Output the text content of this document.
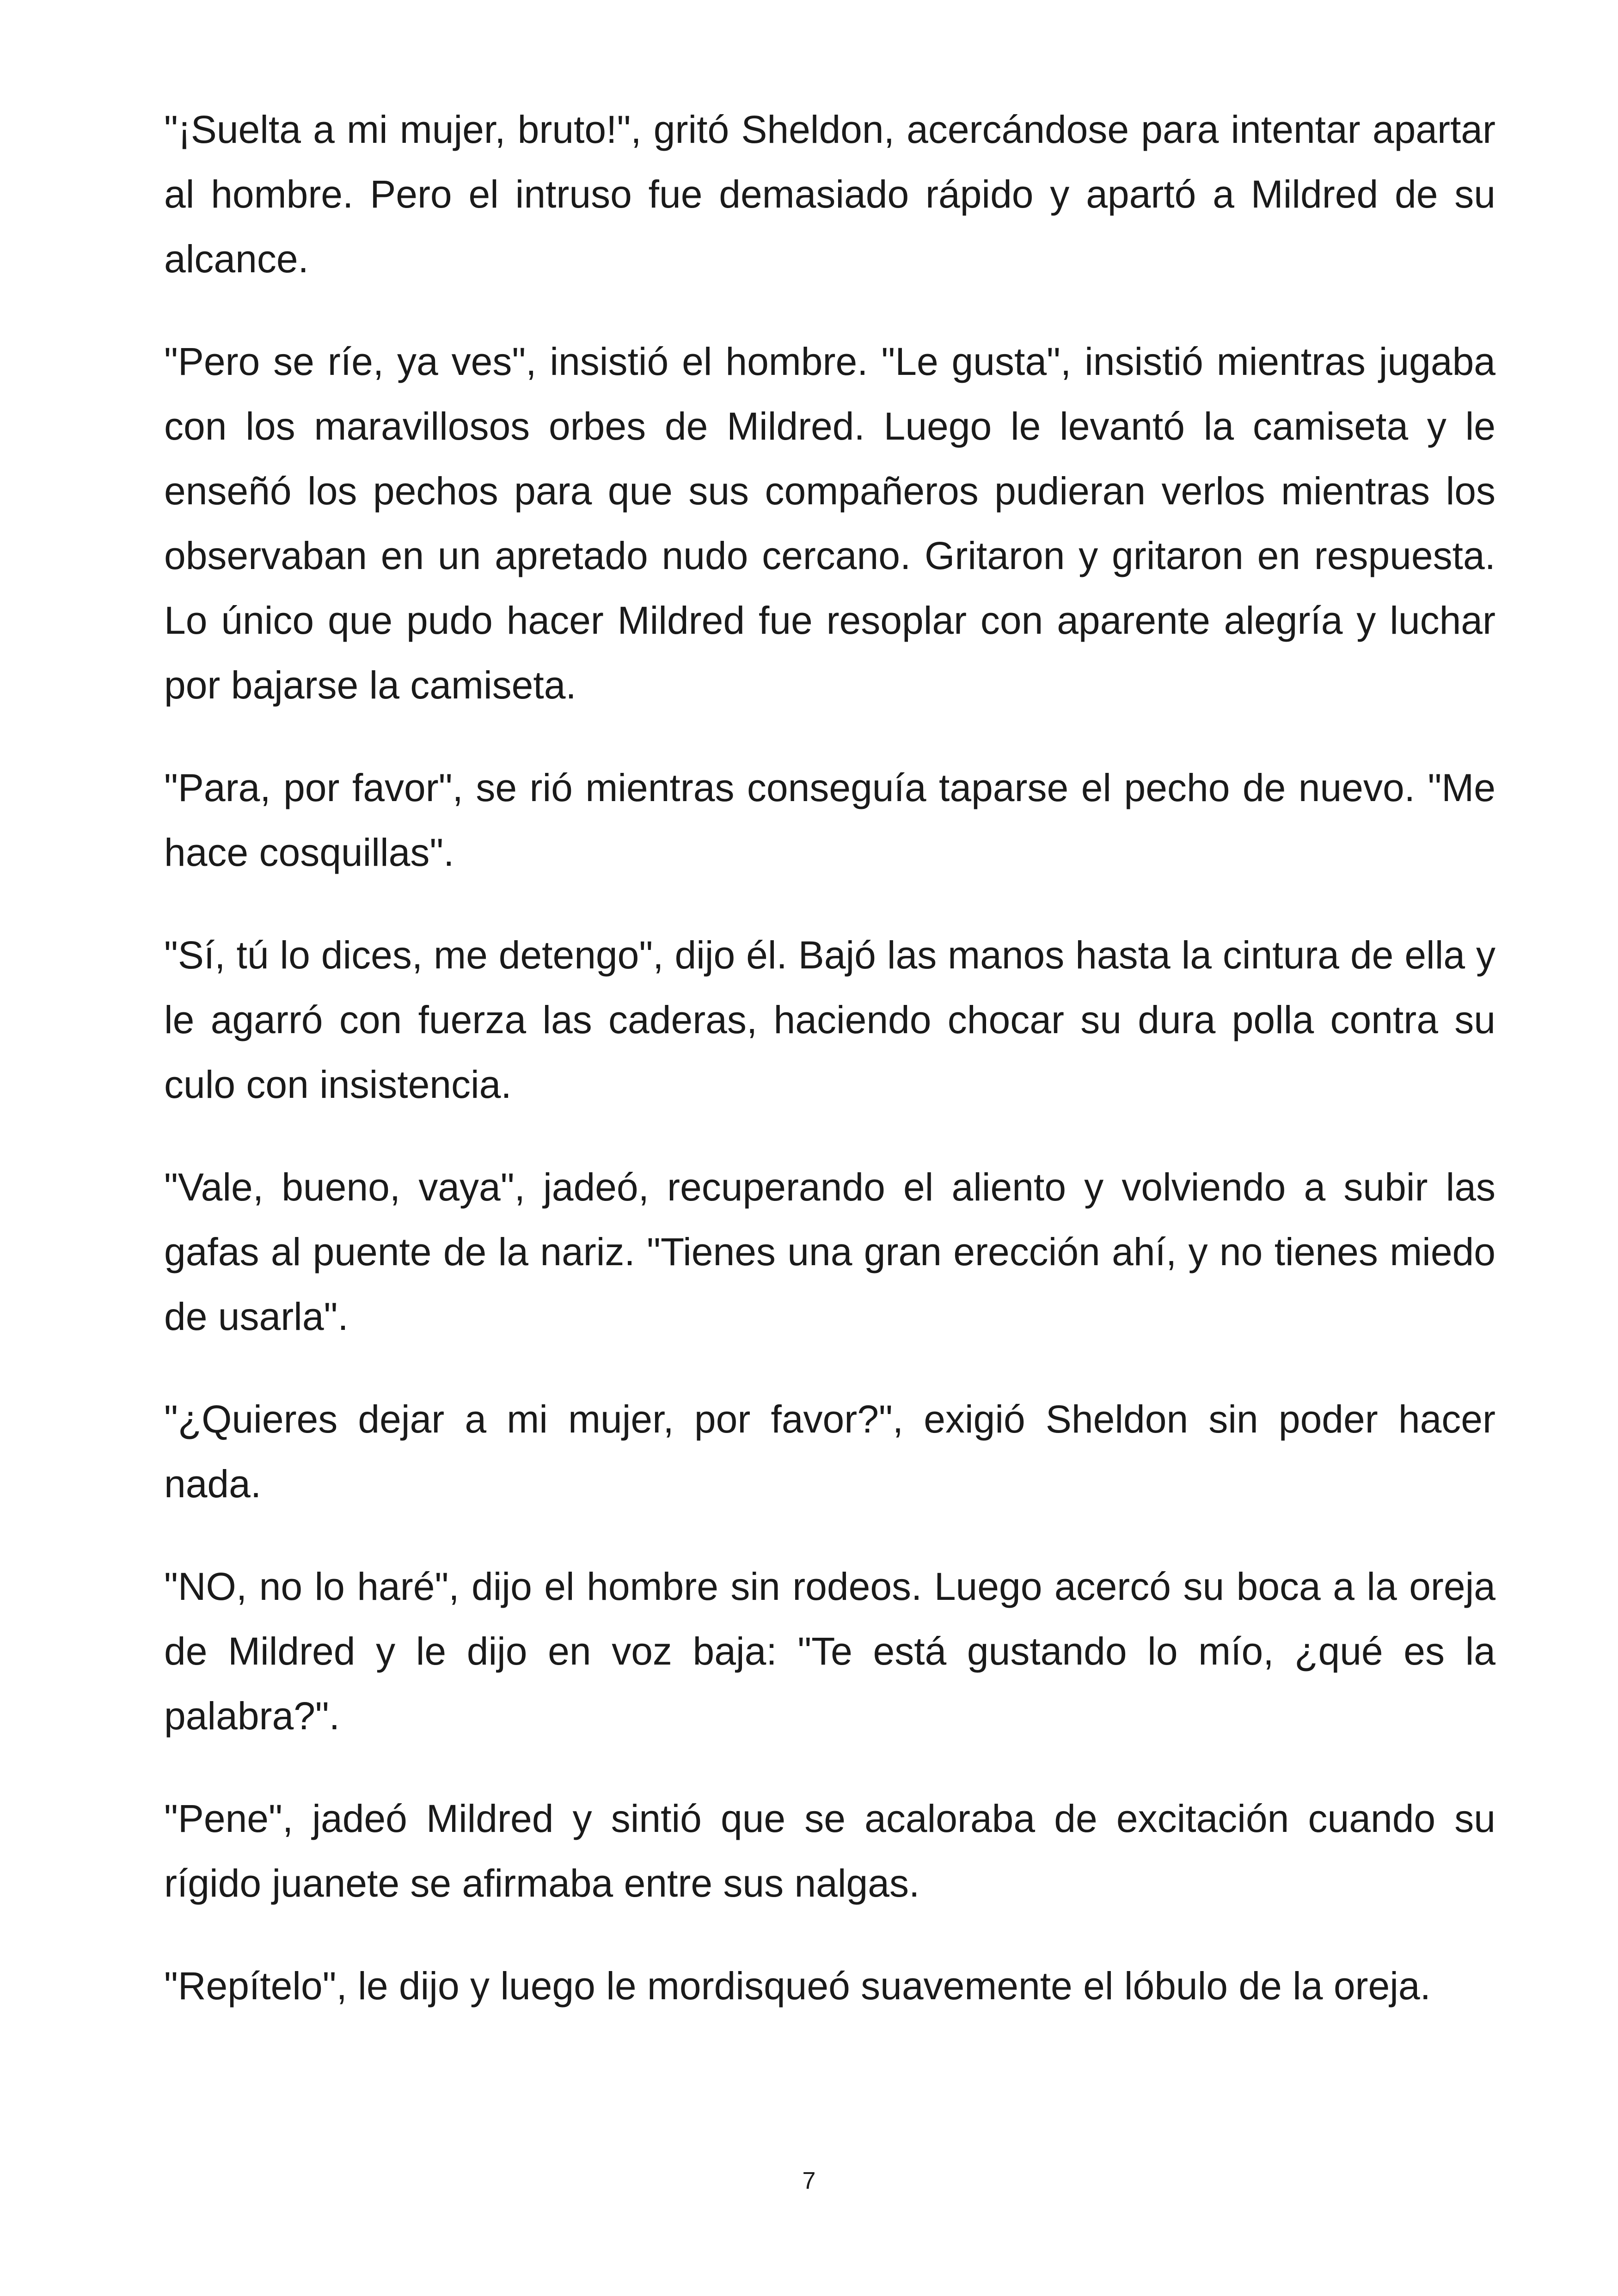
"¡Suelta a mi mujer, bruto!", gritó Sheldon, acercándose para intentar apartar al hombre. Pero el intruso fue demasiado rápido y apartó a Mildred de su alcance.

"Pero se ríe, ya ves", insistió el hombre. "Le gusta", insistió mientras jugaba con los maravillosos orbes de Mildred. Luego le levantó la camiseta y le enseñó los pechos para que sus compañeros pudieran verlos mientras los observaban en un apretado nudo cercano. Gritaron y gritaron en respuesta. Lo único que pudo hacer Mildred fue resoplar con aparente alegría y luchar por bajarse la camiseta.

"Para, por favor", se rió mientras conseguía taparse el pecho de nuevo. "Me hace cosquillas".

"Sí, tú lo dices, me detengo", dijo él. Bajó las manos hasta la cintura de ella y le agarró con fuerza las caderas, haciendo chocar su dura polla contra su culo con insistencia.

"Vale, bueno, vaya", jadeó, recuperando el aliento y volviendo a subir las gafas al puente de la nariz. "Tienes una gran erección ahí, y no tienes miedo de usarla".

"¿Quieres dejar a mi mujer, por favor?", exigió Sheldon sin poder hacer nada.

"NO, no lo haré", dijo el hombre sin rodeos. Luego acercó su boca a la oreja de Mildred y le dijo en voz baja: "Te está gustando lo mío, ¿qué es la palabra?".

"Pene", jadeó Mildred y sintió que se acaloraba de excitación cuando su rígido juanete se afirmaba entre sus nalgas.

"Repítelo", le dijo y luego le mordisqueó suavemente el lóbulo de la oreja.

7
